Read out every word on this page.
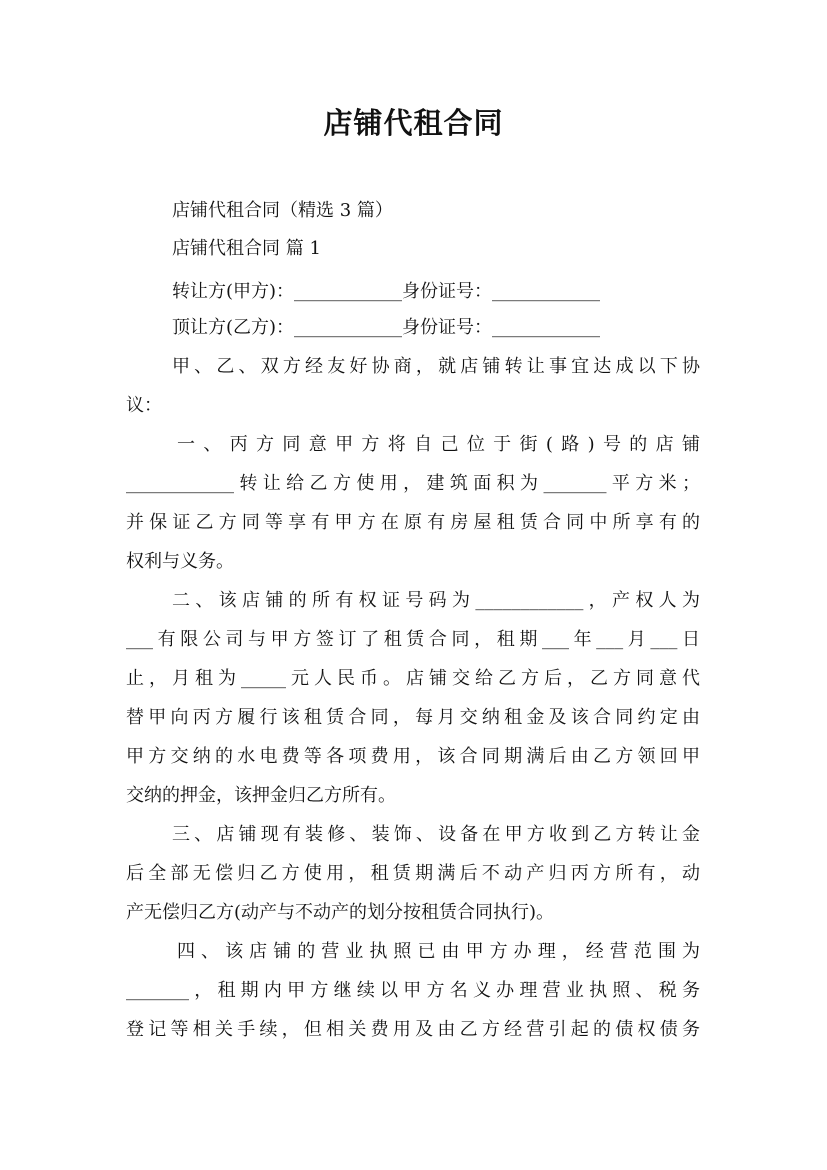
店铺代租合同
店铺代租合同（精选 3 篇）
店铺代租合同 篇 1
转让方(甲方)：____________身份证号：____________
顶让方(乙方)：____________身份证号：____________
甲、乙、双方经友好协商，就店铺转让事宜达成以下协
议：
一、丙方同意甲方将自己位于街(路)号的店铺
____________转让给乙方使用，建筑面积为_______平方米；
并保证乙方同等享有甲方在原有房屋租赁合同中所享有的
权利与义务。
二、该店铺的所有权证号码为____________，产权人为
___有限公司与甲方签订了租赁合同，租期___年___月___日
止，月租为_____元人民币。店铺交给乙方后，乙方同意代
替甲向丙方履行该租赁合同，每月交纳租金及该合同约定由
甲方交纳的水电费等各项费用，该合同期满后由乙方领回甲
交纳的押金，该押金归乙方所有。
三、店铺现有装修、装饰、设备在甲方收到乙方转让金
后全部无偿归乙方使用，租赁期满后不动产归丙方所有，动
产无偿归乙方(动产与不动产的划分按租赁合同执行)。
四、该店铺的营业执照已由甲方办理，经营范围为
_______，租期内甲方继续以甲方名义办理营业执照、税务
登记等相关手续，但相关费用及由乙方经营引起的债权债务
